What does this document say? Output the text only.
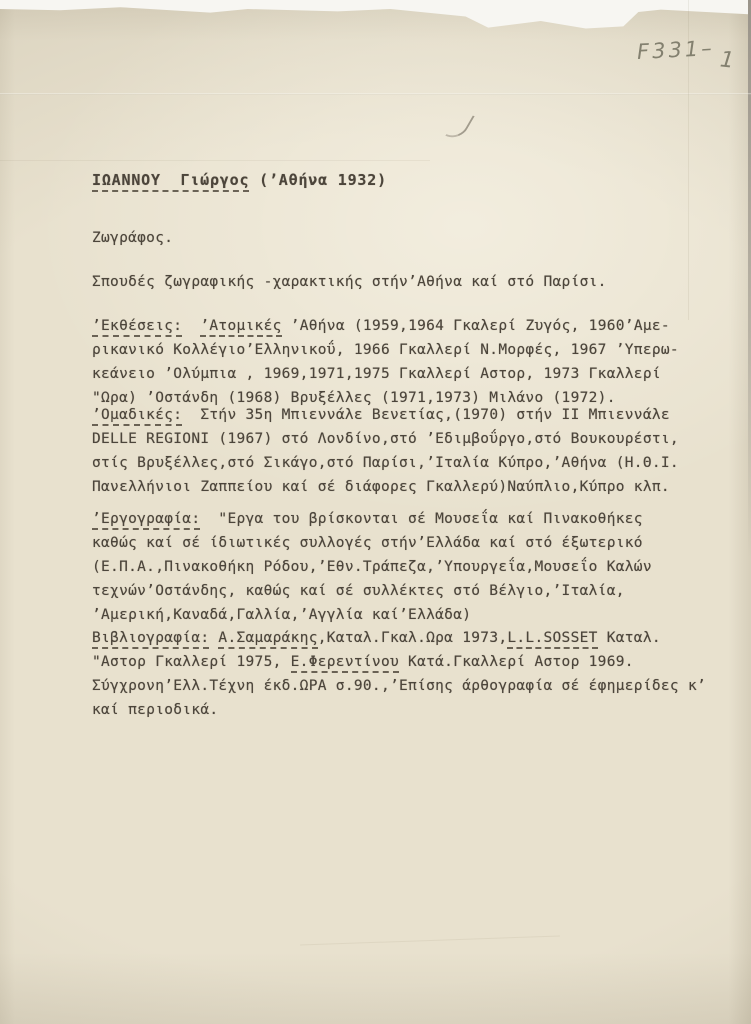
F331– 1
ΙΩΑΝΝΟΥ  Γιώργος (’Αθήνα 1932)
Ζωγράφος.
Σπουδές ζωγραφικής -χαρακτικής στήν’Αθήνα καί στό Παρίσι.
’Εκθέσεις: ’Ατομικές ’Αθήνα (1959,1964 Γκαλερί Ζυγός, 1960’Αμε-
ρικανικό Κολλέγιο’Ελληνικοΰ, 1966 Γκαλλερί Ν.Μορφές, 1967 ’Υπερω-
κεάνειο ’Ολύμπια , 1969,1971,1975 Γκαλλερί Αστορ, 1973 Γκαλλερί
"Ωρα) ’Οστάνδη (1968) Βρυξέλλες (1971,1973) Μιλάνο (1972).
’Ομαδικές:  Στήν 35η Μπιεννάλε Βενετίας,(1970) στήν ΙΙ Μπιεννάλε
DELLE REGIONI (1967) στό Λονδίνο,στό ’Εδιμβοΰργο,στό Βουκουρέστι,
στίς Βρυξέλλες,στό Σικάγο,στό Παρίσι,’Ιταλία Κύπρο,’Αθήνα (Η.Θ.Ι.
Πανελλήνιοι Ζαππείου καί σέ διάφορες Γκαλλερύ)Ναύπλιο,Κύπρο κλπ.
’Εργογραφία:  "Εργα του βρίσκονται σέ Μουσεΐα καί Πινακοθήκες
καθώς καί σέ ίδιωτικές συλλογές στήν’Ελλάδα καί στό έξωτερικό
(Ε.Π.Α.,Πινακοθήκη Ρόδου,’Εθν.Τράπεζα,’Υπουργεΐα,Μουσεΐο Καλών
τεχνών’Οστάνδης, καθώς καί σέ συλλέκτες στό Βέλγιο,’Ιταλία,
’Αμερική,Καναδά,Γαλλία,’Αγγλία καί’Ελλάδα)
Βιβλιογραφία: Α.Σαμαράκης,Καταλ.Γκαλ.Ωρα 1973,L.L.SOSSET Καταλ.
"Αστορ Γκαλλερί 1975, Ε.Φερεντίνου Κατά.Γκαλλερί Αστορ 1969.
Σύγχρονη’Ελλ.Τέχνη έκδ.ΩΡΑ σ.90.,’Επίσης άρθογραφία σέ έφημερίδες κ’
καί περιοδικά.
